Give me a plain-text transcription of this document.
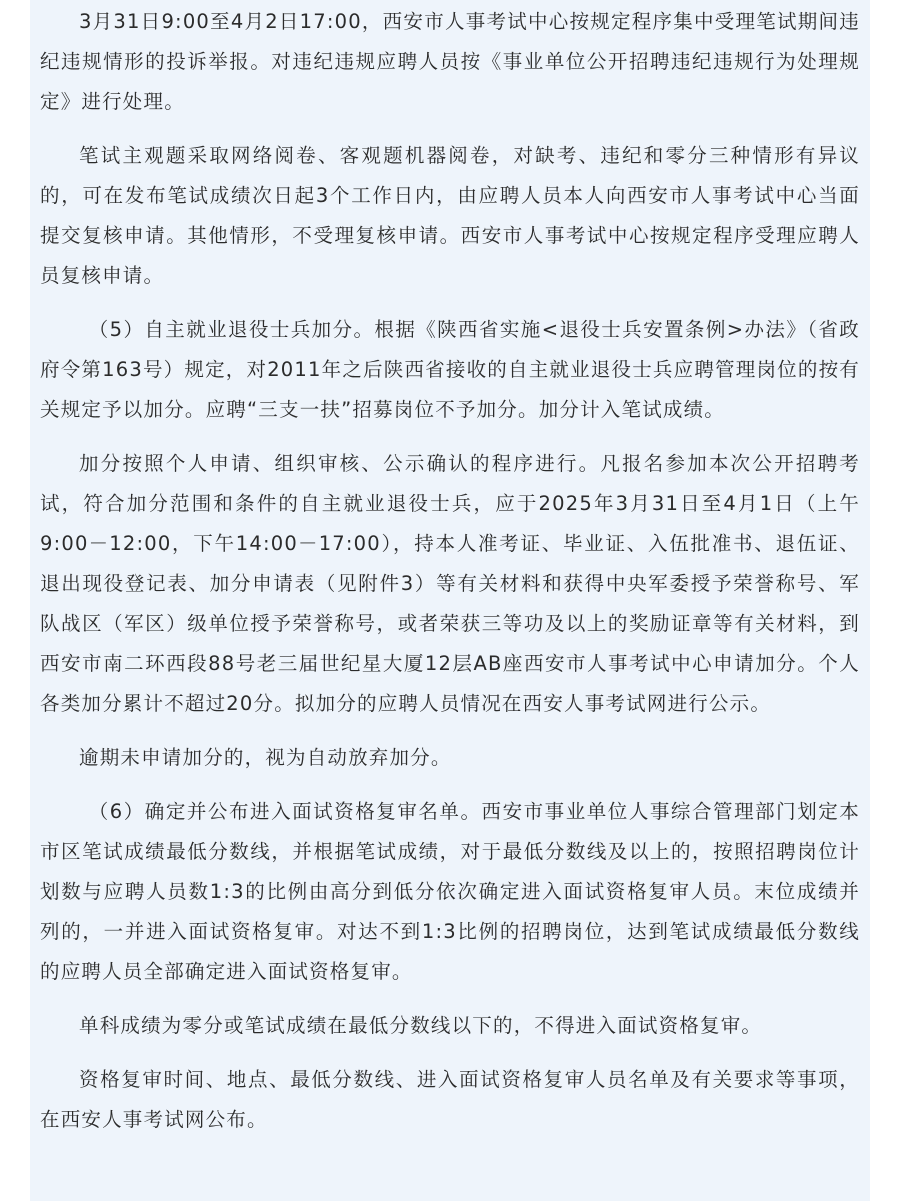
3月31日9:00至4月2日17:00，西安市人事考试中心按规定程序集中受理笔试期间违纪违规情形的投诉举报。对违纪违规应聘人员按《事业单位公开招聘违纪违规行为处理规定》进行处理。

笔试主观题采取网络阅卷、客观题机器阅卷，对缺考、违纪和零分三种情形有异议的，可在发布笔试成绩次日起3个工作日内，由应聘人员本人向西安市人事考试中心当面提交复核申请。其他情形，不受理复核申请。西安市人事考试中心按规定程序受理应聘人员复核申请。

（5）自主就业退役士兵加分。根据《陕西省实施<退役士兵安置条例>办法》（省政府令第163号）规定，对2011年之后陕西省接收的自主就业退役士兵应聘管理岗位的按有关规定予以加分。应聘“三支一扶”招募岗位不予加分。加分计入笔试成绩。

加分按照个人申请、组织审核、公示确认的程序进行。凡报名参加本次公开招聘考试，符合加分范围和条件的自主就业退役士兵，应于2025年3月31日至4月1日（上午9:00－12:00，下午14:00－17:00），持本人准考证、毕业证、入伍批准书、退伍证、退出现役登记表、加分申请表（见附件3）等有关材料和获得中央军委授予荣誉称号、军队战区（军区）级单位授予荣誉称号，或者荣获三等功及以上的奖励证章等有关材料，到西安市南二环西段88号老三届世纪星大厦12层AB座西安市人事考试中心申请加分。个人各类加分累计不超过20分。拟加分的应聘人员情况在西安人事考试网进行公示。

逾期未申请加分的，视为自动放弃加分。

（6）确定并公布进入面试资格复审名单。西安市事业单位人事综合管理部门划定本市区笔试成绩最低分数线，并根据笔试成绩，对于最低分数线及以上的，按照招聘岗位计划数与应聘人员数1:3的比例由高分到低分依次确定进入面试资格复审人员。末位成绩并列的，一并进入面试资格复审。对达不到1:3比例的招聘岗位，达到笔试成绩最低分数线的应聘人员全部确定进入面试资格复审。

单科成绩为零分或笔试成绩在最低分数线以下的，不得进入面试资格复审。

资格复审时间、地点、最低分数线、进入面试资格复审人员名单及有关要求等事项，在西安人事考试网公布。
